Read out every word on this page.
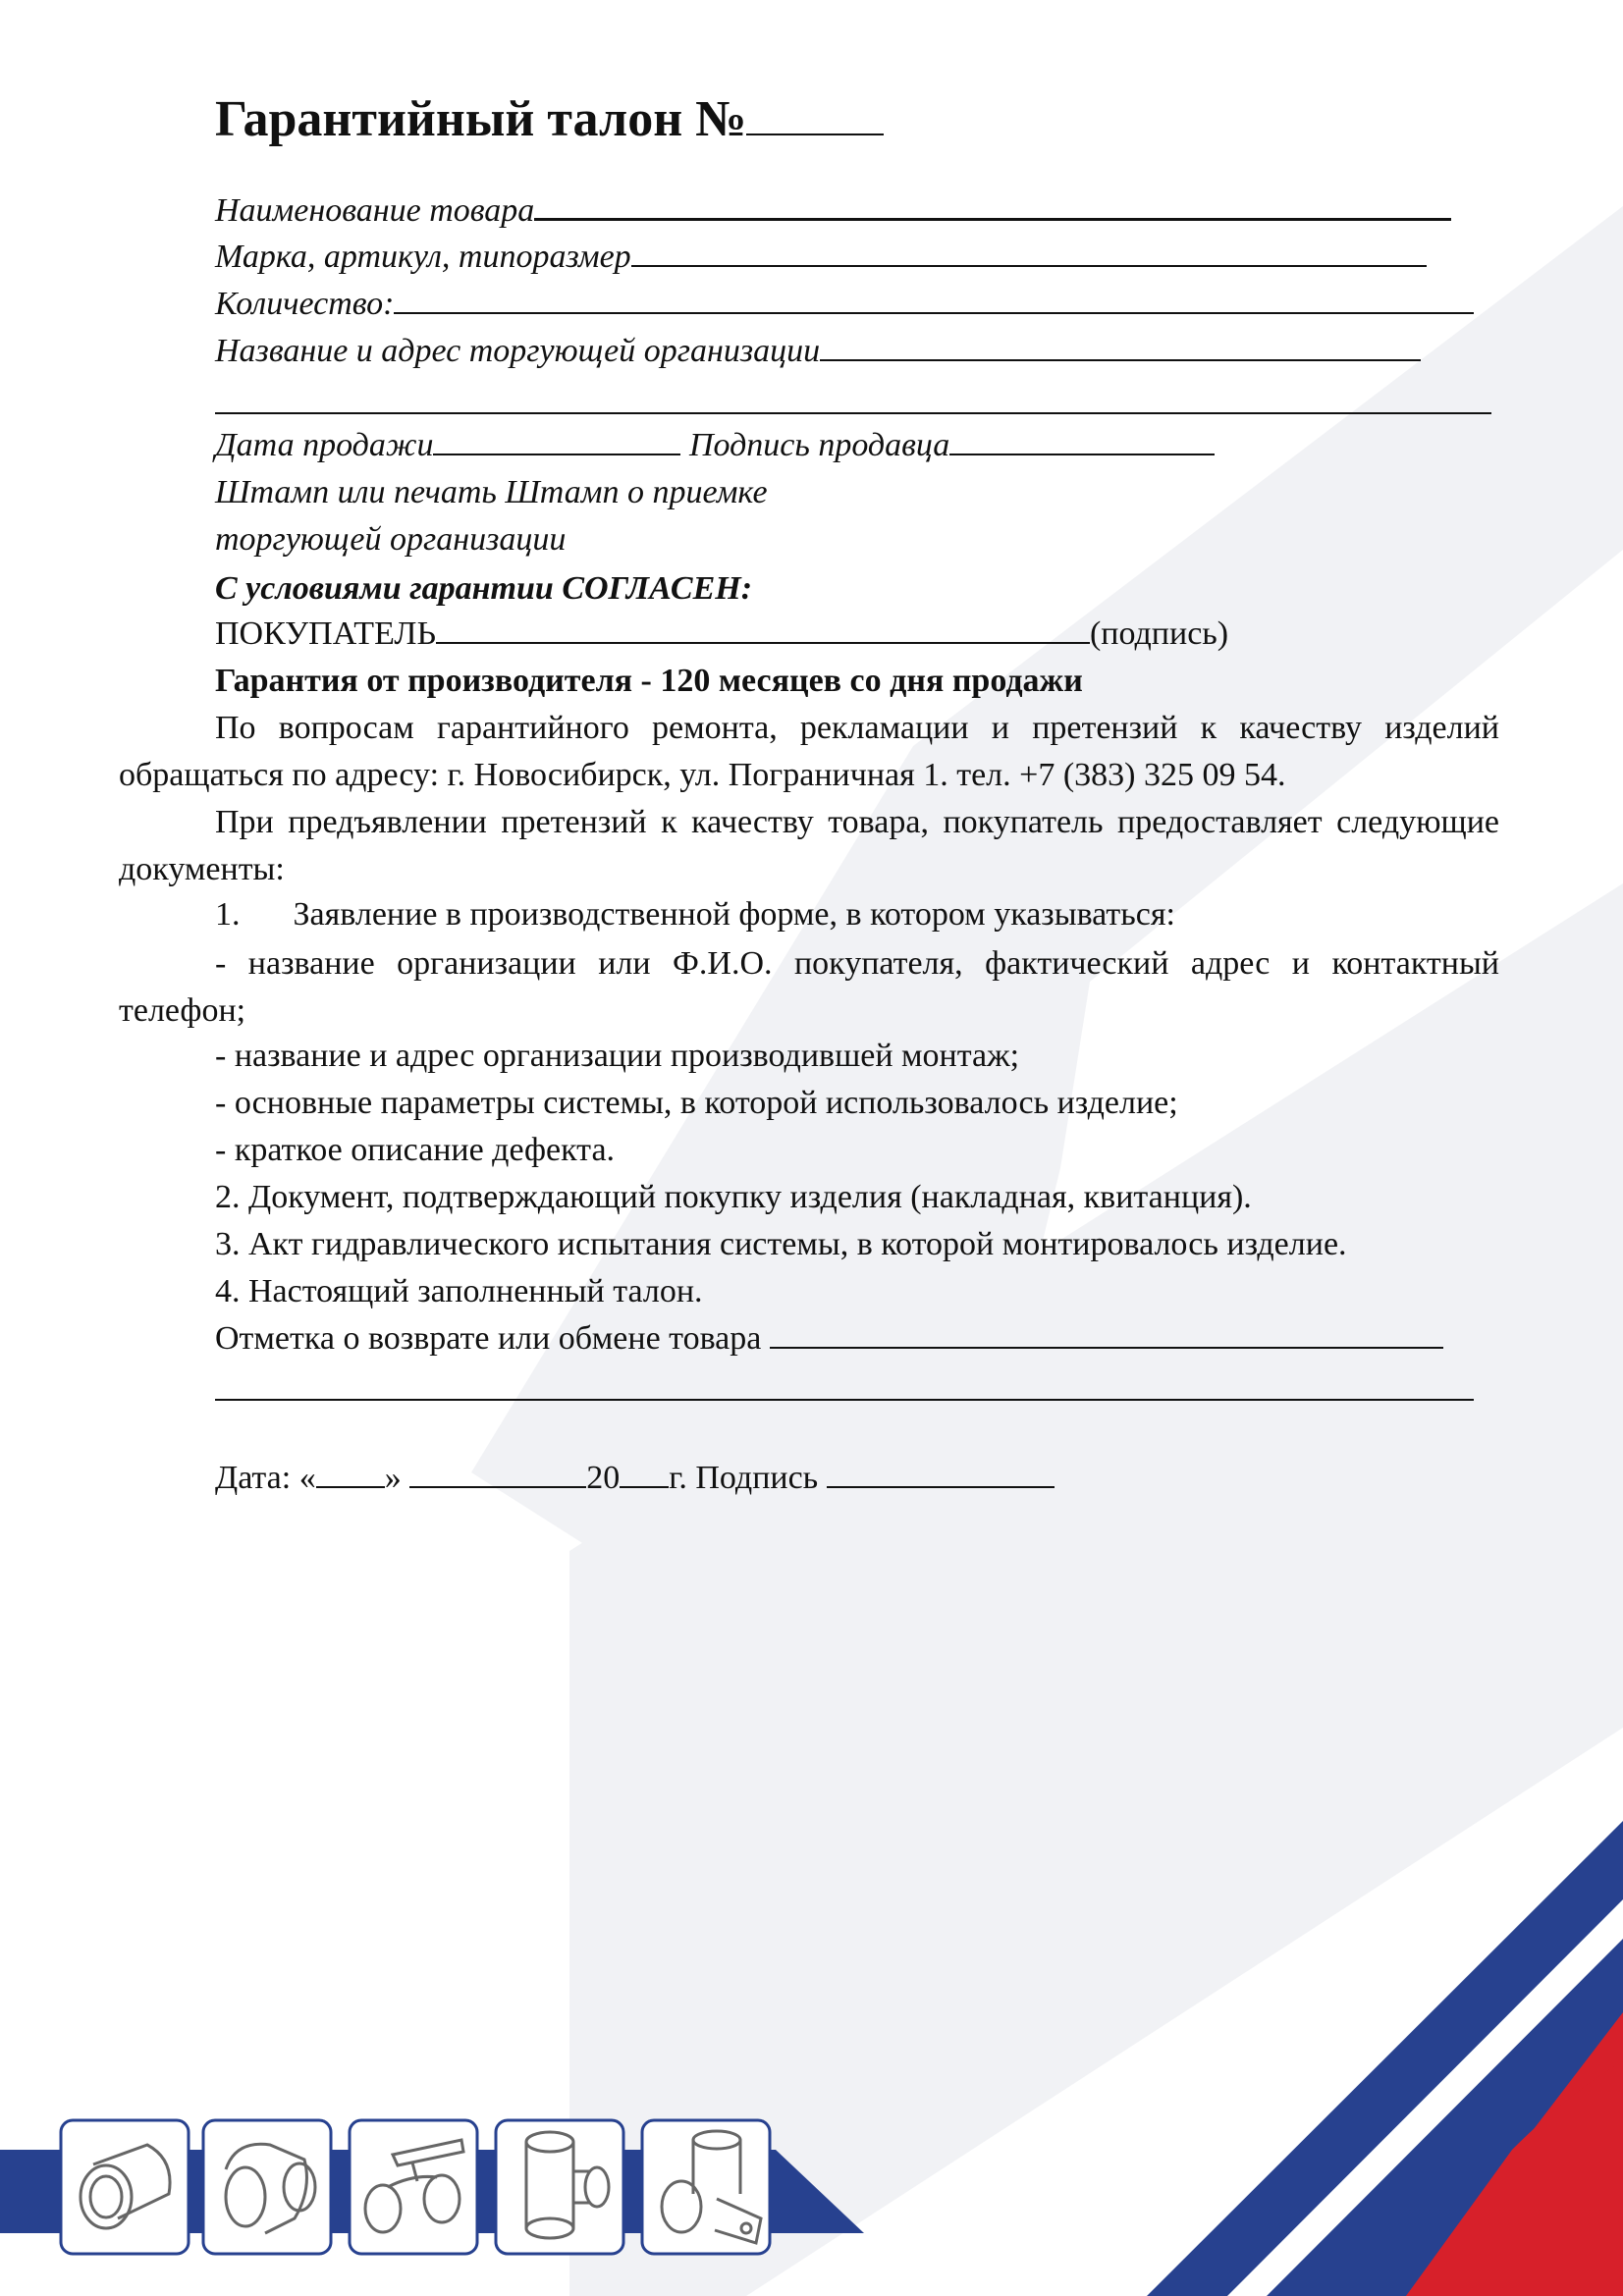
Гарантийный талон №
Наименование товара
Марка, артикул, типоразмер
Количество:
Название и адрес торгующей организации
Дата продажи	Подпись продавца
Штамп или печать Штамп о приемке
торгующей организации
С условиями гарантии СОГЛАСЕН:
ПОКУПАТЕЛЬ	(подпись)
Гарантия от производителя - 120 месяцев со дня продажи
По вопросам гарантийного ремонта, рекламации и претензий к качеству изделий обращаться по адресу: г. Новосибирск, ул. Пограничная 1. тел. +7 (383) 325 09 54.
При предъявлении претензий к качеству товара, покупатель предоставляет следующие документы:
1. Заявление в производственной форме, в котором указываться:
- название организации или Ф.И.О. покупателя, фактический адрес и контактный телефон;
- название и адрес организации производившей монтаж;
- основные параметры системы, в которой использовалось изделие;
- краткое описание дефекта.
2. Документ, подтверждающий покупку изделия (накладная, квитанция).
3. Акт гидравлического испытания системы, в которой монтировалось изделие.
4. Настоящий заполненный талон.
Отметка о возврате или обмене товара
Дата: « »	20 г. Подпись
